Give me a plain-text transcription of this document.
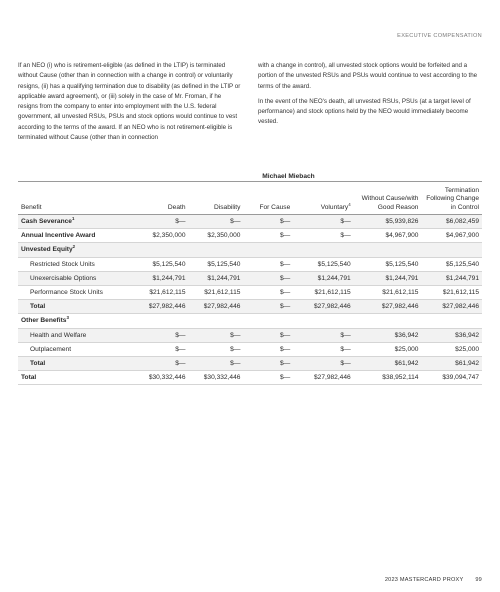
EXECUTIVE COMPENSATION

If an NEO (i) who is retirement-eligible (as defined in the LTIP) is terminated without Cause (other than in connection with a change in control) or voluntarily resigns, (ii) has a qualifying termination due to disability (as defined in the LTIP or applicable award agreement), or (iii) solely in the case of Mr. Froman, if he resigns from the company to enter into employment with the U.S. federal government, all unvested RSUs, PSUs and stock options would continue to vest according to the terms of the award. If an NEO who is not retirement-eligible is terminated without Cause (other than in connection

with a change in control), all unvested stock options would be forfeited and a portion of the unvested RSUs and PSUs would continue to vest according to the terms of the award.

In the event of the NEO's death, all unvested RSUs, PSUs (at a target level of performance) and stock options held by the NEO would immediately become vested.

Michael Miebach						
Benefit	Death	Disability	For Cause	Voluntary$^4$	Without Cause/with Good Reason	Termination Following Change in Control
Cash Severance$^1$	$—	$—	$—	$—	$5,939,826	$6,082,459
Annual Incentive Award	$2,350,000	$2,350,000	$—	$—	$4,967,900	$4,967,900
Unvested Equity$^2$						
Restricted Stock Units	$5,125,540	$5,125,540	$—	$5,125,540	$5,125,540	$5,125,540
Unexercisable Options	$1,244,791	$1,244,791	$—	$1,244,791	$1,244,791	$1,244,791
Performance Stock Units	$21,612,115	$21,612,115	$—	$21,612,115	$21,612,115	$21,612,115
Total	$27,982,446	$27,982,446	$—	$27,982,446	$27,982,446	$27,982,446
Other Benefits$^3$						
Health and Welfare	$—	$—	$—	$—	$36,942	$36,942
Outplacement	$—	$—	$—	$—	$25,000	$25,000
Total	$—	$—	$—	$—	$61,942	$61,942
Total	$30,332,446	$30,332,446	$—	$27,982,446	$38,952,114	$39,094,747
2023 MASTERCARD PROXY 99
